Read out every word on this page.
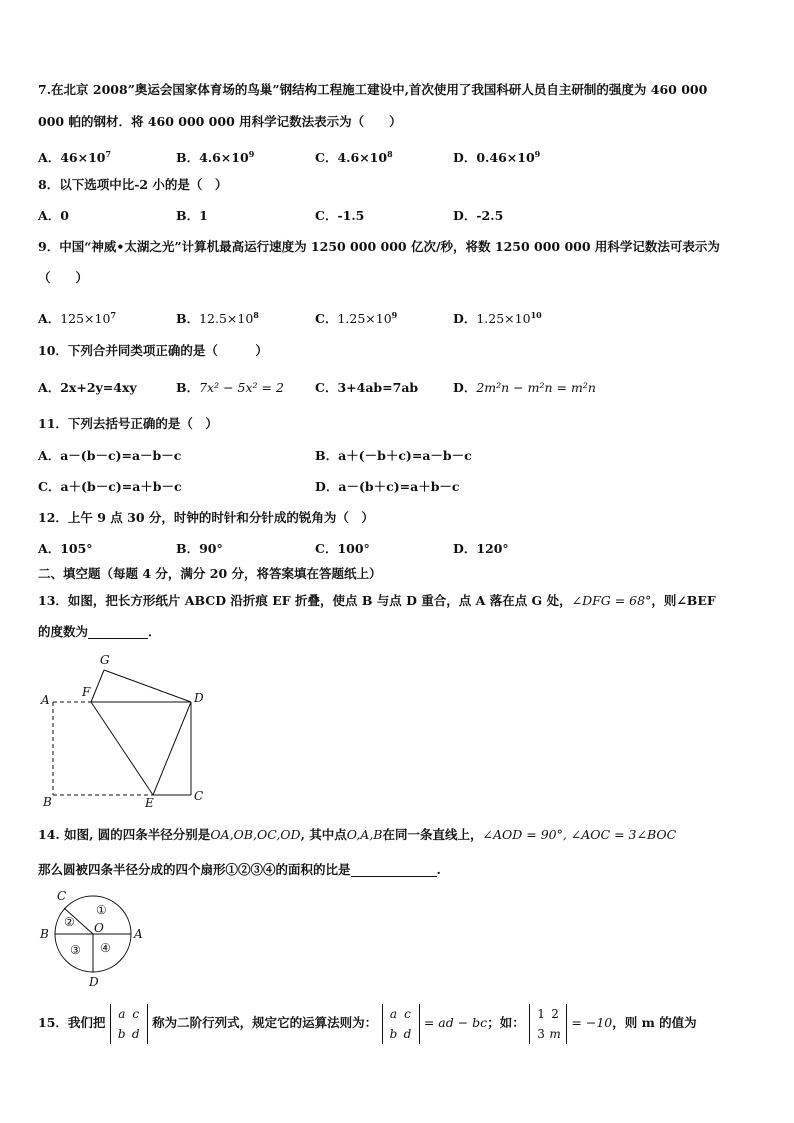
7.在北京 2008”奥运会国家体育场的鸟巢”钢结构工程施工建设中,首次使用了我国科研人员自主研制的强度为 460 000
000 帕的钢材．将 460 000 000 用科学记数法表示为（　　）
A．$46\times 10^7$	B．$4.6\times 10^9$	C．$4.6\times 10^8$	D．$0.46\times 10^9$
8．以下选项中比-2 小的是（　）
A．0	B．1	C．-1.5	D．-2.5
9．中国“神威•太湖之光”计算机最高运行速度为 1250 000 000 亿次/秒，将数 1250 000 000 用科学记数法可表示为
（　　）
A．$125\times 10^7$	B．$12.5\times 10^8$	C．$1.25\times 10^9$	D．$1.25\times 10^{10}$
10．下列合并同类项正确的是（　　　）
A．2x+2y=4xy	B．7x² − 5x² = 2 C．3+4ab=7ab	D．2m²n − m²n = m²n
11．下列去括号正确的是（　）
A．a－(b－c)=a－b－c	B．a＋(－b＋c)=a－b－c
C．a＋(b－c)=a＋b－c	D．a－(b＋c)=a＋b－c
12．上午 9 点 30 分，时钟的时针和分针成的锐角为（　）
A．105°	B．90°	C．100°	D．120°
二、填空题（每题 4 分，满分 20 分，将答案填在答题纸上）
13．如图，把长方形纸片 ABCD 沿折痕 EF 折叠，使点 B 与点 D 重合，点 A 落在点 G 处，∠DFG = 68°，则∠BEF
的度数为	．
G
A
F	D
B	E	C
14. 如图, 圆的四条半径分别是OA,OB,OC,OD, 其中点O,A,B在同一条直线上，∠AOD = 90°, ∠AOC = 3∠BOC
那么圆被四条半径分成的四个扇形①②③④的面积的比是	.
C
①
②
B	O	A
③ ④
D
15．我们把 a c
b d 称为二阶行列式，规定它的运算法则为： a c
b d = ad − bc；如： 1 2
3 m = −10，则 m 的值为
